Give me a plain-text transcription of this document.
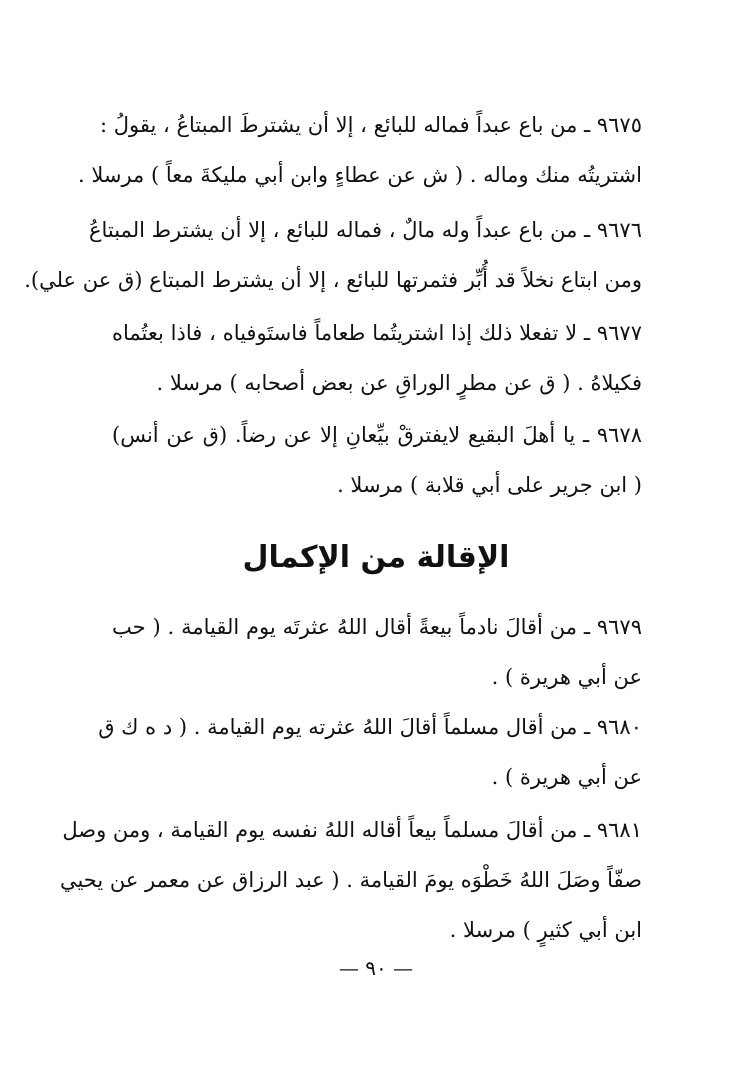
٩٦٧٥ ـ من باع عبداً فماله للبائع ، إلا أن يشترطَ المبتاعُ ، يقولُ :
اشتريتُه منك وماله . ( ش عن عطاءٍ وابن أبي مليكةَ معاً ) مرسلا .
٩٦٧٦ ـ من باع عبداً وله مالٌ ، فماله للبائع ، إلا أن يشترط المبتاعُ
ومن ابتاع نخلاً قد أُبِّر فثمرتها للبائع ، إلا أن يشترط المبتاع (ق عن علي).
٩٦٧٧ ـ لا تفعلا ذلك إذا اشتريتُما طعاماً فاستَوفياه ، فاذا بعتُماه
فكيلاهُ . ( ق عن مطرٍ الوراقِ عن بعض أصحابه ) مرسلا .
٩٦٧٨ ـ يا أهلَ البقيع لايفترقْ بيِّعانِ إلا عن رضاً. (ق عن أنس)
( ابن جرير على أبي قلابة ) مرسلا .
الإقالة من الإكمال
٩٦٧٩ ـ من أقالَ نادماً بيعةً أقال اللهُ عثرتَه يوم القيامة . ( حب
عن أبي هريرة ) .
٩٦٨٠ ـ من أقال مسلماً أقالَ اللهُ عثرته يوم القيامة . ( د ه ك ق
عن أبي هريرة ) .
٩٦٨١ ـ من أقالَ مسلماً بيعاً أقاله اللهُ نفسه يوم القيامة ، ومن وصل
صفّاً وصَلَ اللهُ خَطْوَه يومَ القيامة . ( عبد الرزاق عن معمر عن يحيي
ابن أبي كثيرٍ ) مرسلا .
— ٩٠ —
